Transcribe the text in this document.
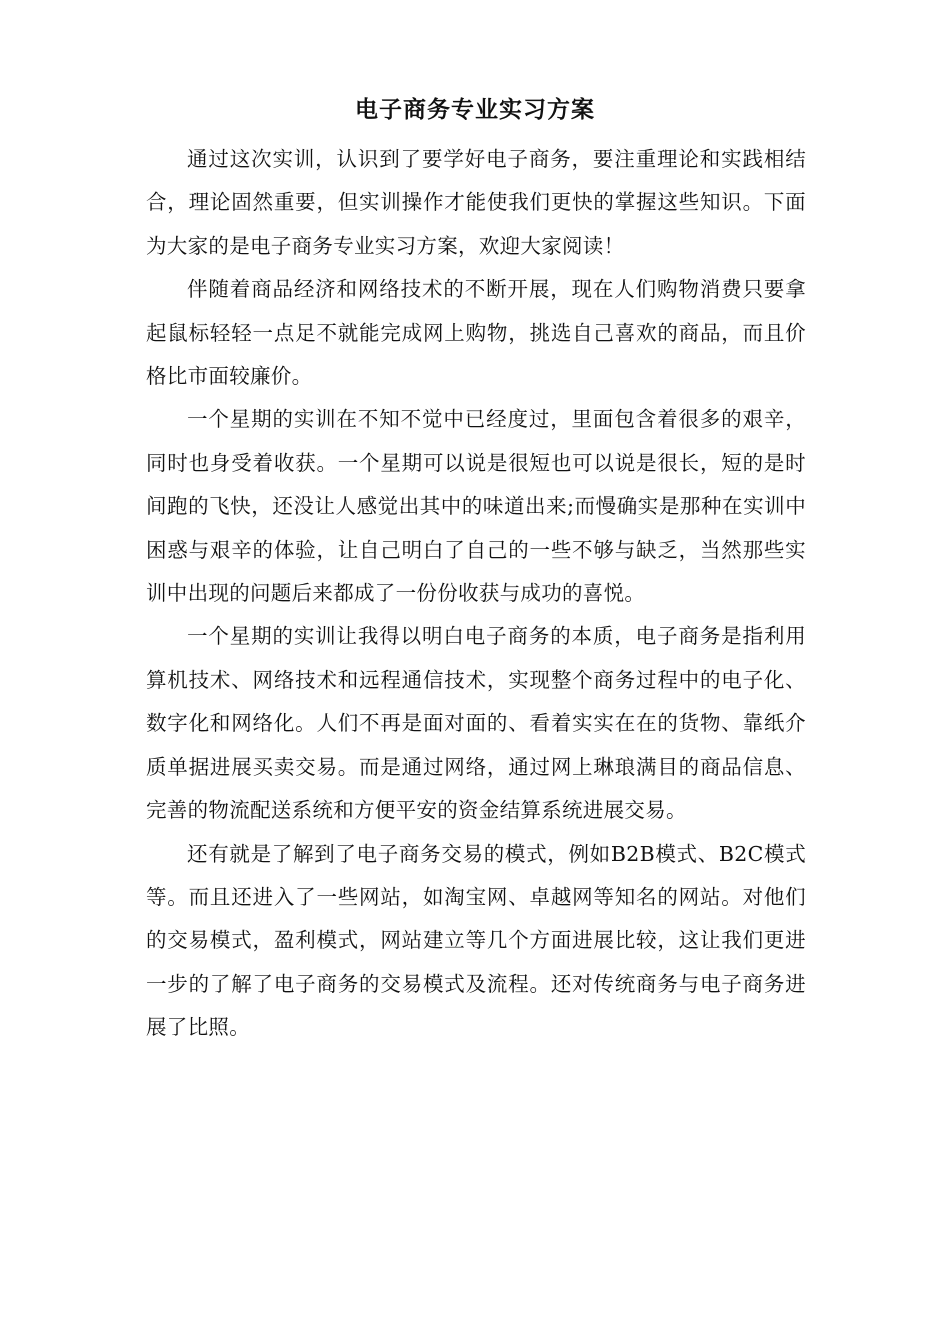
电子商务专业实习方案

通过这次实训，认识到了要学好电子商务，要注重理论和实践相结合，理论固然重要，但实训操作才能使我们更快的掌握这些知识。下面为大家的是电子商务专业实习方案，欢迎大家阅读！

伴随着商品经济和网络技术的不断开展，现在人们购物消费只要拿起鼠标轻轻一点足不就能完成网上购物，挑选自己喜欢的商品，而且价格比市面较廉价。

一个星期的实训在不知不觉中已经度过，里面包含着很多的艰辛，同时也身受着收获。一个星期可以说是很短也可以说是很长，短的是时间跑的飞快，还没让人感觉出其中的味道出来;而慢确实是那种在实训中困惑与艰辛的体验，让自己明白了自己的一些不够与缺乏，当然那些实训中出现的问题后来都成了一份份收获与成功的喜悦。

一个星期的实训让我得以明白电子商务的本质，电子商务是指利用算机技术、网络技术和远程通信技术，实现整个商务过程中的电子化、数字化和网络化。人们不再是面对面的、看着实实在在的货物、靠纸介质单据进展买卖交易。而是通过网络，通过网上琳琅满目的商品信息、完善的物流配送系统和方便平安的资金结算系统进展交易。

还有就是了解到了电子商务交易的模式，例如B2B模式、B2C模式等。而且还进入了一些网站，如淘宝网、卓越网等知名的网站。对他们的交易模式，盈利模式，网站建立等几个方面进展比较，这让我们更进一步的了解了电子商务的交易模式及流程。还对传统商务与电子商务进展了比照。
